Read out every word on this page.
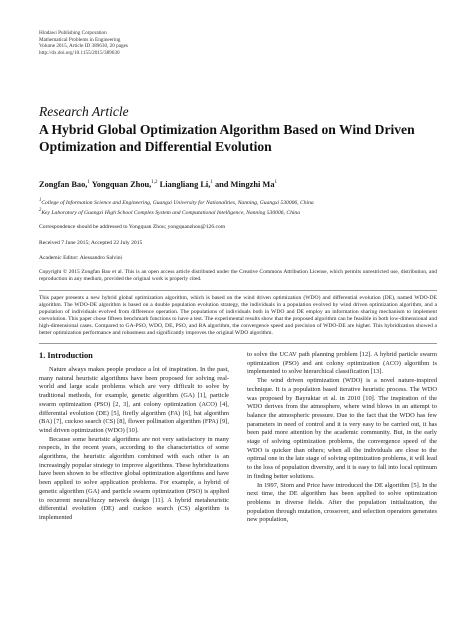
Hindawi Publishing Corporation
Mathematical Problems in Engineering
Volume 2015, Article ID 389630, 20 pages
http://dx.doi.org/10.1155/2015/389630
Research Article
A Hybrid Global Optimization Algorithm Based on Wind Driven Optimization and Differential Evolution
Zongfan Bao,$^1$ Yongquan Zhou,$^{1,2}$ Liangliang Li,$^1$ and Mingzhi Ma$^1$
$^1$College of Information Science and Engineering, Guangxi University for Nationalities, Nanning, Guangxi 530006, China
$^2$Key Laboratory of Guangxi High School Complex System and Computational Intelligence, Nanning 530006, China
Correspondence should be addressed to Yongquan Zhou; yongquanzhou@126.com
Received 7 June 2015; Accepted 22 July 2015
Academic Editor: Alessandro Salvini
Copyright © 2015 Zongfan Bao et al. This is an open access article distributed under the Creative Commons Attribution License, which permits unrestricted use, distribution, and reproduction in any medium, provided the original work is properly cited.
This paper presents a new hybrid global optimization algorithm, which is based on the wind driven optimization (WDO) and differential evolution (DE), named WDO-DE algorithm. The WDO-DE algorithm is based on a double population evolution strategy, the individuals in a population evolved by wind driven optimization algorithm, and a population of individuals evolved from difference operation. The populations of individuals both in WDO and DE employ an information sharing mechanism to implement coevolution. This paper chose fifteen benchmark functions to have a test. The experimental results show that the proposed algorithm can be feasible in both low-dimensional and high-dimensional cases. Compared to GA-PSO, WDO, DE, PSO, and BA algorithm, the convergence speed and precision of WDO-DE are higher. This hybridization showed a better optimization performance and robustness and significantly improves the original WDO algorithm.
1. Introduction

Nature always makes people produce a lot of inspiration. In the past, many natural heuristic algorithms have been proposed for solving real-world and large scale problems which are very difficult to solve by traditional methods, for example, genetic algorithm (GA) [1], particle swarm optimization (PSO) [2, 3], ant colony optimization (ACO) [4], differential evolution (DE) [5], firefly algorithm (FA) [6], bat algorithm (BA) [7], cuckoo search (CS) [8], flower pollination algorithm (FPA) [9], wind driven optimization (WDO) [10].

Because some heuristic algorithms are not very satisfactory in many respects, in the recent years, according to the characteristics of some algorithms, the heuristic algorithm combined with each other is an increasingly popular strategy to improve algorithms. These hybridizations have been shown to be effective global optimization algorithms and have been applied to solve application problems. For example, a hybrid of genetic algorithm (GA) and particle swarm optimization (PSO) is applied to recurrent neural/fuzzy network design [11]. A hybrid metaheuristic differential evolution (DE) and cuckoo search (CS) algorithm is implemented

to solve the UCAV path planning problem [12]. A hybrid particle swarm optimization (PSO) and ant colony optimization (ACO) algorithm is implemented to solve hierarchical classification [13].

The wind driven optimization (WDO) is a novel nature-inspired technique. It is a population based iterative heuristic process. The WDO was proposed by Bayraktar et al. in 2010 [10]. The inspiration of the WDO derives from the atmosphere, where wind blows in an attempt to balance the atmospheric pressure. Due to the fact that the WDO has few parameters in need of control and it is very easy to be carried out, it has been paid more attention by the academic community. But, in the early stage of solving optimization problems, the convergence speed of the WDO is quicker than others; when all the individuals are close to the optimal one in the late stage of solving optimization problems, it will lead to the loss of population diversity, and it is easy to fall into local optimum in finding better solutions.

In 1997, Storn and Price have introduced the DE algorithm [5]. In the next time, the DE algorithm has been applied to solve optimization problems in diverse fields. After the population initialization, the population through mutation, crossover, and selection operators generates new population,
